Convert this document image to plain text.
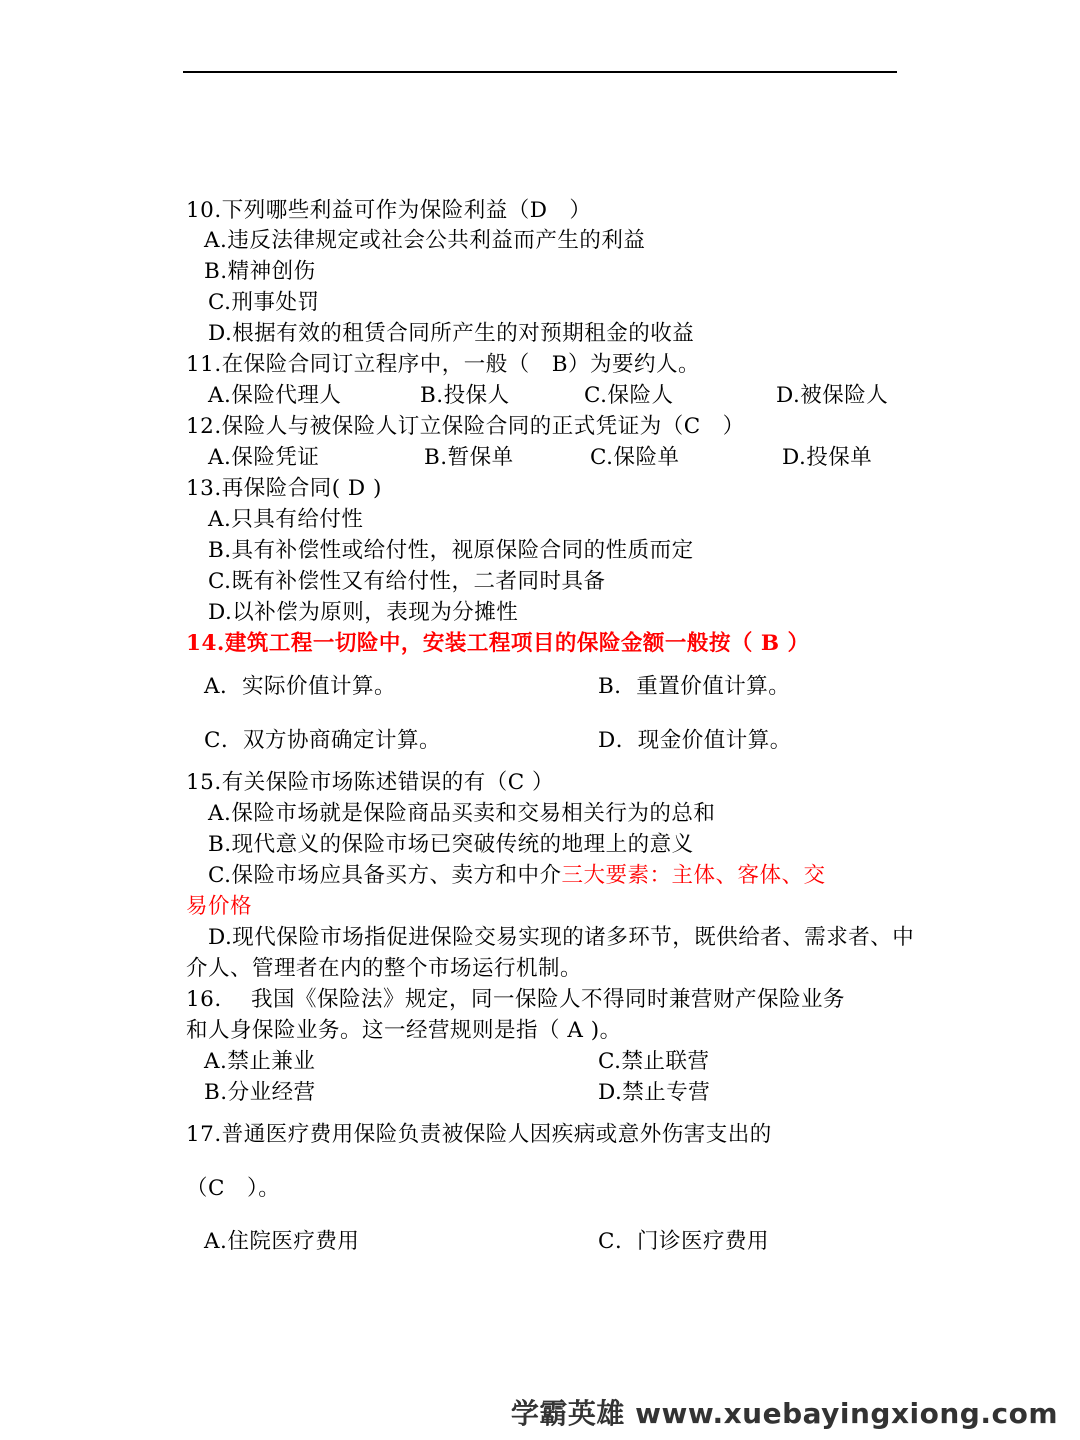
10.下列哪些利益可作为保险利益（D　）
A.违反法律规定或社会公共利益而产生的利益
B.精神创伤
C.刑事处罚
D.根据有效的租赁合同所产生的对预期租金的收益
11.在保险合同订立程序中，一般（　B）为要约人。
A.保险代理人	B.投保人	C.保险人	D.被保险人
12.保险人与被保险人订立保险合同的正式凭证为（C　）
A.保险凭证	B.暂保单	C.保险单	D.投保单
13.再保险合同( D )
A.只具有给付性
B.具有补偿性或给付性，视原保险合同的性质而定
C.既有补偿性又有给付性，二者同时具备
D.以补偿为原则，表现为分摊性
14.建筑工程一切险中，安装工程项目的保险金额一般按（ B ）
A．实际价值计算。	B．重置价值计算。
C．双方协商确定计算。	D．现金价值计算。
15.有关保险市场陈述错误的有（C ）
A.保险市场就是保险商品买卖和交易相关行为的总和
B.现代意义的保险市场已突破传统的地理上的意义
C.保险市场应具备买方、卖方和中介三大要素：主体、客体、交
易价格
D.现代保险市场指促进保险交易实现的诸多环节，既供给者、需求者、中
介人、管理者在内的整个市场运行机制。
16.　 我国《保险法》规定，同一保险人不得同时兼营财产保险业务
和人身保险业务。这一经营规则是指（ A )。
A.禁止兼业	C.禁止联营
B.分业经营	D.禁止专营
17.普通医疗费用保险负责被保险人因疾病或意外伤害支出的
（C　）。
A.住院医疗费用	C．门诊医疗费用
学霸英雄 www.xuebayingxiong.com
